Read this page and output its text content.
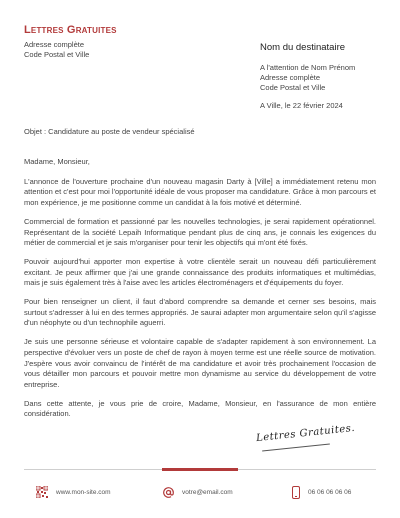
Lettres Gratuites
Adresse complète
Code Postal et Ville
Nom du destinataire
A l'attention de Nom Prénom
Adresse complète
Code Postal et Ville
A Ville, le 22 février 2024
Objet : Candidature au poste de vendeur spécialisé

Madame, Monsieur,

L'annonce de l'ouverture prochaine d'un nouveau magasin Darty à [Ville] a immédiatement retenu mon attention et c'est pour moi l'opportunité idéale de vous proposer ma candidature. Grâce à mon parcours et mon expérience, je me positionne comme un candidat à la fois motivé et déterminé.

Commercial de formation et passionné par les nouvelles technologies, je serai rapidement opérationnel. Représentant de la société Lepaih Informatique pendant plus de cinq ans, je connais les exigences du métier de commercial et je sais m'organiser pour tenir les objectifs qui m'ont été fixés.

Pouvoir aujourd'hui apporter mon expertise à votre clientèle serait un nouveau défi particulièrement excitant. Je peux affirmer que j'ai une grande connaissance des produits informatiques et multimédias, mais je suis également très à l'aise avec les articles électroménagers et d'équipements du foyer.

Pour bien renseigner un client, il faut d'abord comprendre sa demande et cerner ses besoins, mais surtout s'adresser à lui en des termes appropriés. Je saurai adapter mon argumentaire selon qu'il s'agisse d'un néophyte ou d'un technophile aguerri.

Je suis une personne sérieuse et volontaire capable de s'adapter rapidement à son environnement. La perspective d'évoluer vers un poste de chef de rayon à moyen terme est une réelle source de motivation. J'espère vous avoir convaincu de l'intérêt de ma candidature et avoir très prochainement l'occasion de vous détailler mon parcours et pouvoir mettre mon dynamisme au service du développement de votre entreprise.

Dans cette attente, je vous prie de croire, Madame, Monsieur, en l'assurance de mon entière considération.

Lettres Gratuites.
www.mon-site.com	votre@email.com	06 06 06 06 06
